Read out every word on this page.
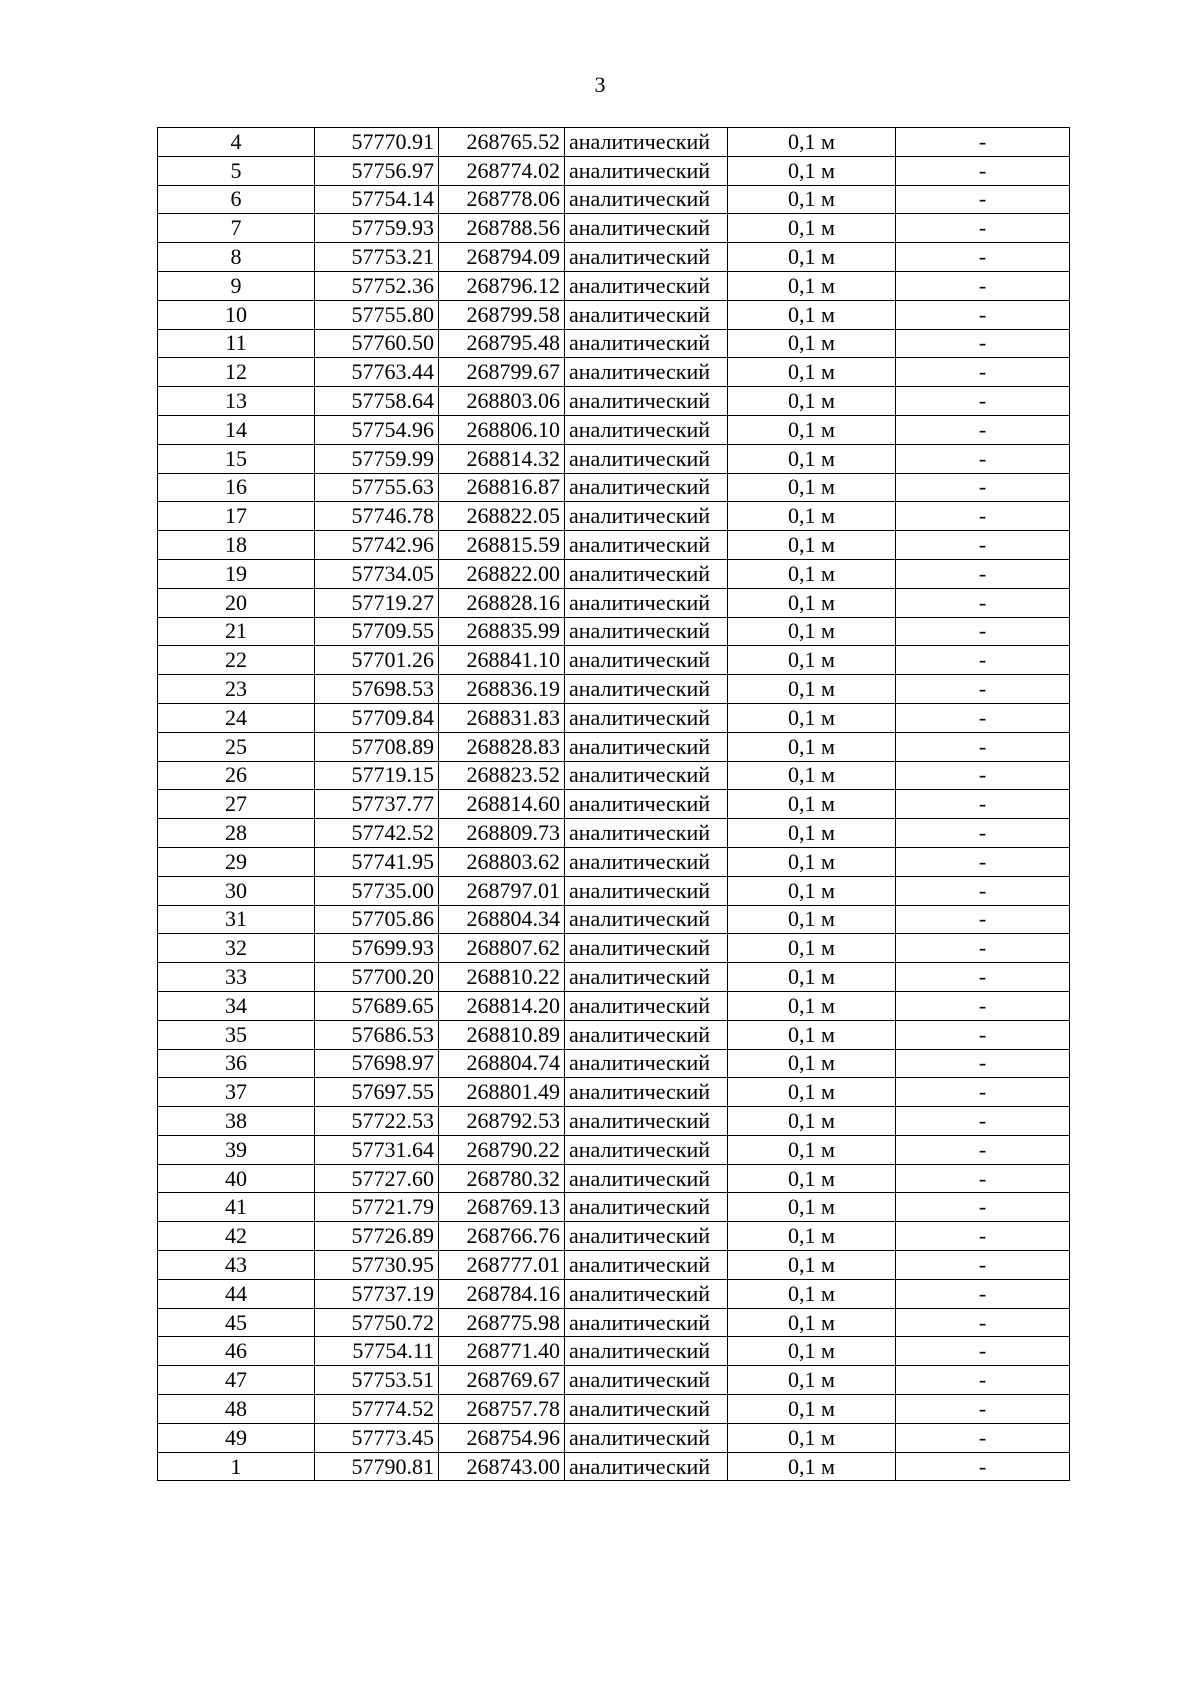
3
4	57770.91	268765.52	аналитический	0,1 м	-
5	57756.97	268774.02	аналитический	0,1 м	-
6	57754.14	268778.06	аналитический	0,1 м	-
7	57759.93	268788.56	аналитический	0,1 м	-
8	57753.21	268794.09	аналитический	0,1 м	-
9	57752.36	268796.12	аналитический	0,1 м	-
10	57755.80	268799.58	аналитический	0,1 м	-
11	57760.50	268795.48	аналитический	0,1 м	-
12	57763.44	268799.67	аналитический	0,1 м	-
13	57758.64	268803.06	аналитический	0,1 м	-
14	57754.96	268806.10	аналитический	0,1 м	-
15	57759.99	268814.32	аналитический	0,1 м	-
16	57755.63	268816.87	аналитический	0,1 м	-
17	57746.78	268822.05	аналитический	0,1 м	-
18	57742.96	268815.59	аналитический	0,1 м	-
19	57734.05	268822.00	аналитический	0,1 м	-
20	57719.27	268828.16	аналитический	0,1 м	-
21	57709.55	268835.99	аналитический	0,1 м	-
22	57701.26	268841.10	аналитический	0,1 м	-
23	57698.53	268836.19	аналитический	0,1 м	-
24	57709.84	268831.83	аналитический	0,1 м	-
25	57708.89	268828.83	аналитический	0,1 м	-
26	57719.15	268823.52	аналитический	0,1 м	-
27	57737.77	268814.60	аналитический	0,1 м	-
28	57742.52	268809.73	аналитический	0,1 м	-
29	57741.95	268803.62	аналитический	0,1 м	-
30	57735.00	268797.01	аналитический	0,1 м	-
31	57705.86	268804.34	аналитический	0,1 м	-
32	57699.93	268807.62	аналитический	0,1 м	-
33	57700.20	268810.22	аналитический	0,1 м	-
34	57689.65	268814.20	аналитический	0,1 м	-
35	57686.53	268810.89	аналитический	0,1 м	-
36	57698.97	268804.74	аналитический	0,1 м	-
37	57697.55	268801.49	аналитический	0,1 м	-
38	57722.53	268792.53	аналитический	0,1 м	-
39	57731.64	268790.22	аналитический	0,1 м	-
40	57727.60	268780.32	аналитический	0,1 м	-
41	57721.79	268769.13	аналитический	0,1 м	-
42	57726.89	268766.76	аналитический	0,1 м	-
43	57730.95	268777.01	аналитический	0,1 м	-
44	57737.19	268784.16	аналитический	0,1 м	-
45	57750.72	268775.98	аналитический	0,1 м	-
46	57754.11	268771.40	аналитический	0,1 м	-
47	57753.51	268769.67	аналитический	0,1 м	-
48	57774.52	268757.78	аналитический	0,1 м	-
49	57773.45	268754.96	аналитический	0,1 м	-
1	57790.81	268743.00	аналитический	0,1 м	-
